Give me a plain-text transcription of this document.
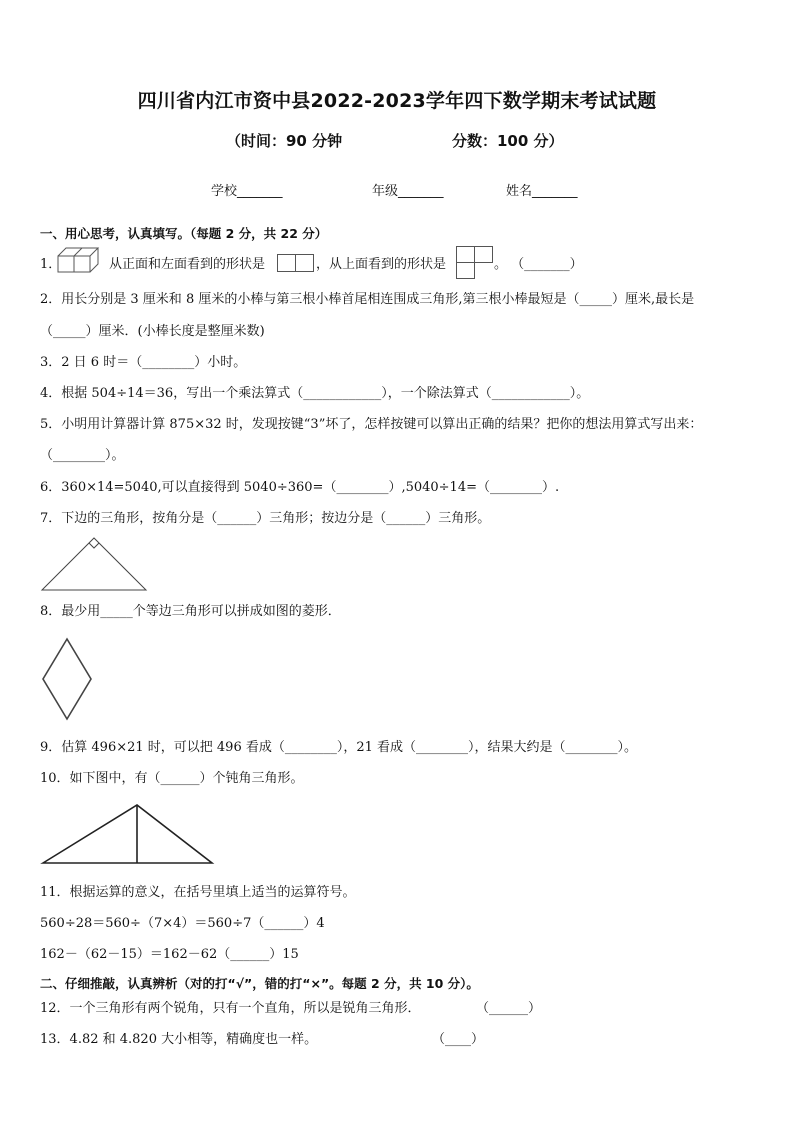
四川省内江市资中县2022-2023学年四下数学期末考试试题
（时间：90 分钟	分数：100 分）
学校_______	年级_______	姓名_______
一、用心思考，认真填写。（每题 2 分，共 22 分）
1．	从正面和左面看到的形状是	，从上面看到的形状是	。 （_______）
2．用长分别是 3 厘米和 8 厘米的小棒与第三根小棒首尾相连围成三角形,第三根小棒最短是（_____）厘米,最长是
（_____）厘米．(小棒长度是整厘米数)
3．2 日 6 时＝（________）小时。
4．根据 504÷14＝36，写出一个乘法算式（____________），一个除法算式（____________）。
5．小明用计算器计算 875×32 时，发现按键“3”坏了，怎样按键可以算出正确的结果？把你的想法用算式写出来：
（________）。
6．360×14=5040,可以直接得到 5040÷360=（________）,5040÷14=（________）.
7．下边的三角形，按角分是（______）三角形；按边分是（______）三角形。
8．最少用_____个等边三角形可以拼成如图的菱形．
9．估算 496×21 时，可以把 496 看成（________），21 看成（________），结果大约是（________）。
10．如下图中，有（______）个钝角三角形。
11．根据运算的意义，在括号里填上适当的运算符号。
560÷28＝560÷（7×4）＝560÷7（______）4
162－（62－15）＝162－62（______）15
二、仔细推敲，认真辨析（对的打“√”，错的打“×”。每题 2 分，共 10 分）。
12．一个三角形有两个锐角，只有一个直角，所以是锐角三角形．	（______）
13．4.82 和 4.820 大小相等，精确度也一样。	（____）
